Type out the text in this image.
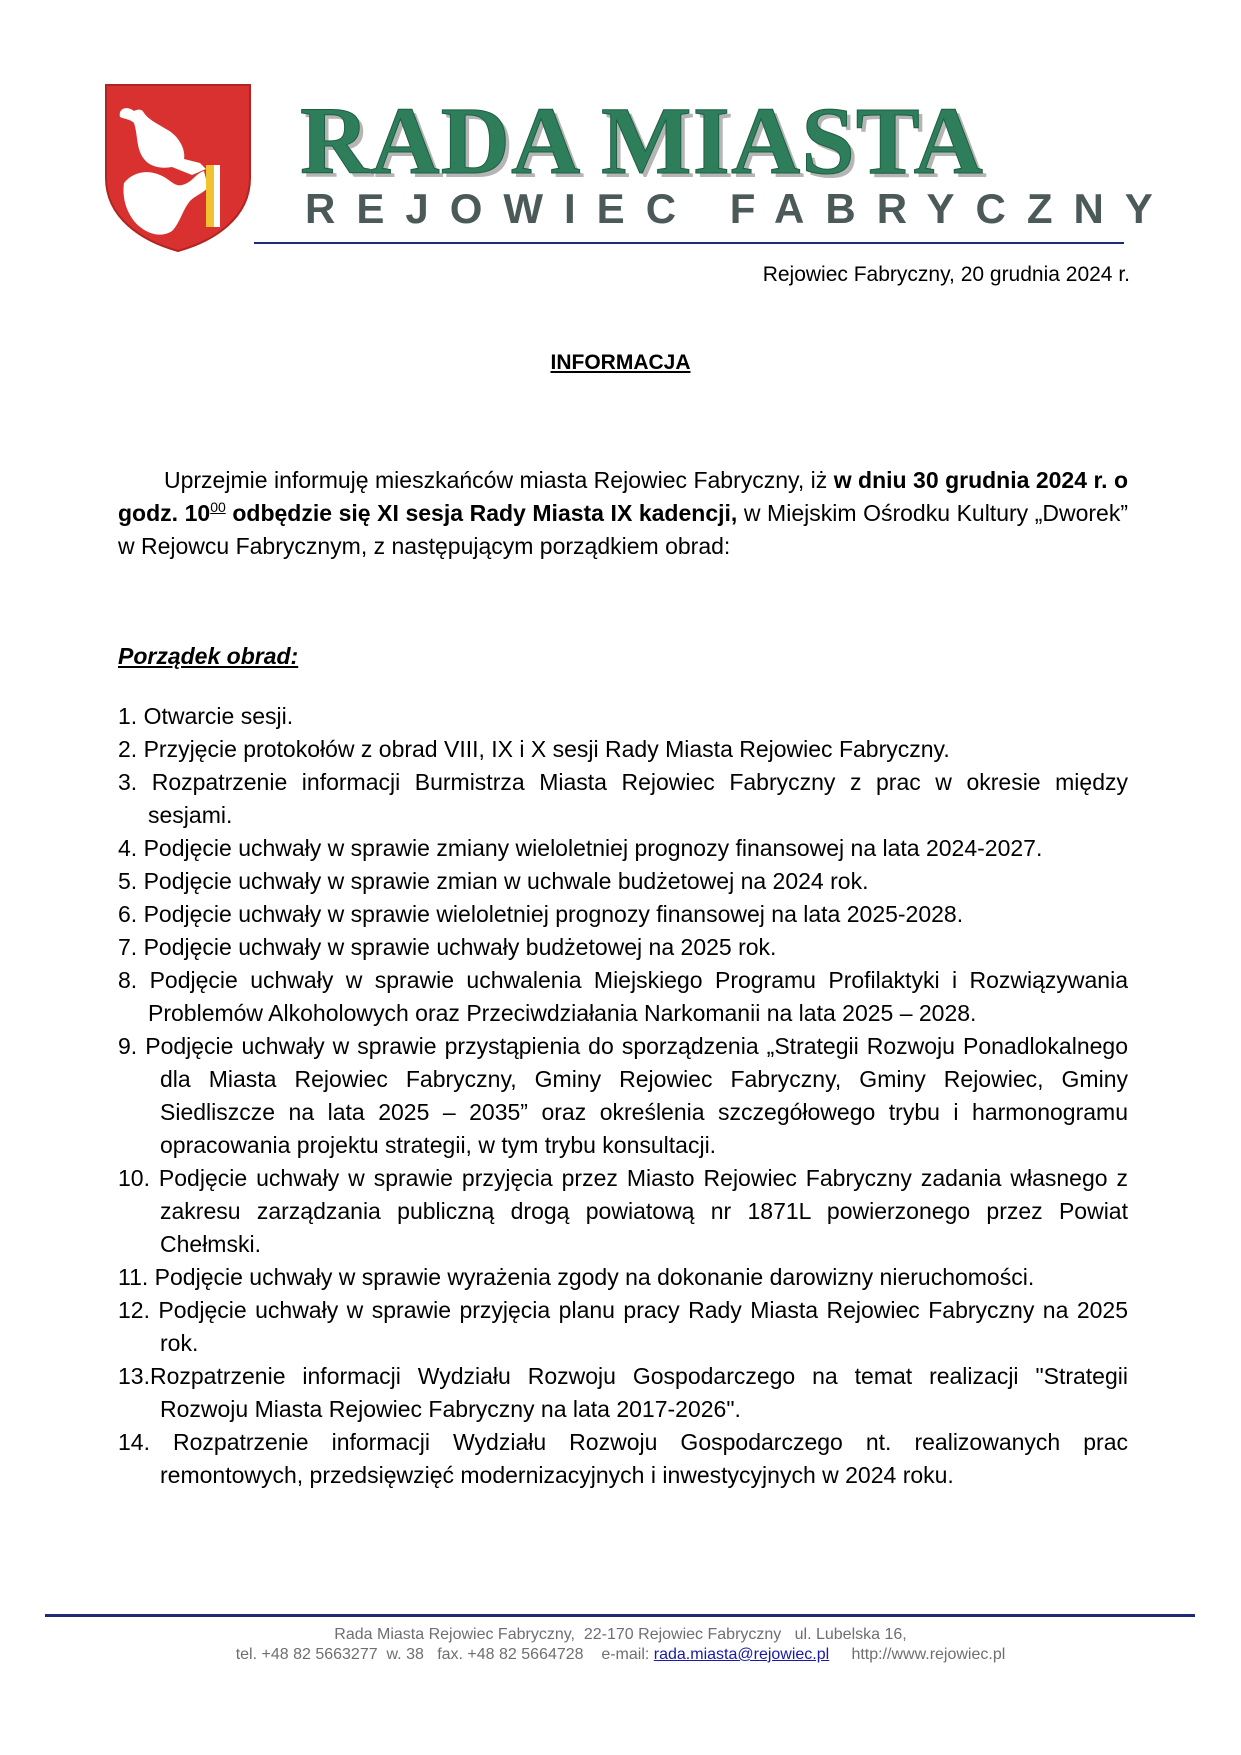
RADA MIASTA
REJOWIEC FABRYCZNY
Rejowiec Fabryczny, 20 grudnia 2024 r.
INFORMACJA
Uprzejmie informuję mieszkańców miasta Rejowiec Fabryczny, iż w dniu 30 grudnia 2024 r. o godz. $10^{00}$ odbędzie się XI sesja Rady Miasta IX kadencji, w Miejskim Ośrodku Kultury „Dworek” w Rejowcu Fabrycznym, z następującym porządkiem obrad:
Porządek obrad:
1. Otwarcie sesji.
2. Przyjęcie protokołów z obrad VIII, IX i X sesji Rady Miasta Rejowiec Fabryczny.
3. Rozpatrzenie informacji Burmistrza Miasta Rejowiec Fabryczny z prac w okresie między sesjami.
4. Podjęcie uchwały w sprawie zmiany wieloletniej prognozy finansowej na lata 2024-2027.
5. Podjęcie uchwały w sprawie zmian w uchwale budżetowej na 2024 rok.
6. Podjęcie uchwały w sprawie wieloletniej prognozy finansowej na lata 2025-2028.
7. Podjęcie uchwały w sprawie uchwały budżetowej na 2025 rok.
8. Podjęcie uchwały w sprawie uchwalenia Miejskiego Programu Profilaktyki i Rozwiązywania Problemów Alkoholowych oraz Przeciwdziałania Narkomanii na lata 2025 – 2028.
9. Podjęcie uchwały w sprawie przystąpienia do sporządzenia „Strategii Rozwoju Ponadlokalnego dla Miasta Rejowiec Fabryczny, Gminy Rejowiec Fabryczny, Gminy Rejowiec, Gminy Siedliszcze na lata 2025 – 2035” oraz określenia szczegółowego trybu i harmonogramu opracowania projektu strategii, w tym trybu konsultacji.
10. Podjęcie uchwały w sprawie przyjęcia przez Miasto Rejowiec Fabryczny zadania własnego z zakresu zarządzania publiczną drogą powiatową nr 1871L powierzonego przez Powiat Chełmski.
11. Podjęcie uchwały w sprawie wyrażenia zgody na dokonanie darowizny nieruchomości.
12. Podjęcie uchwały w sprawie przyjęcia planu pracy Rady Miasta Rejowiec Fabryczny na 2025 rok.
13.Rozpatrzenie informacji Wydziału Rozwoju Gospodarczego na temat realizacji "Strategii Rozwoju Miasta Rejowiec Fabryczny na lata 2017-2026".
14. Rozpatrzenie informacji Wydziału Rozwoju Gospodarczego nt. realizowanych prac remontowych, przedsięwzięć modernizacyjnych i inwestycyjnych w 2024 roku.
Rada Miasta Rejowiec Fabryczny,  22-170 Rejowiec Fabryczny   ul. Lubelska 16,
tel. +48 82 5663277  w. 38   fax. +48 82 5664728    e-mail: rada.miasta@rejowiec.pl http://www.rejowiec.pl
